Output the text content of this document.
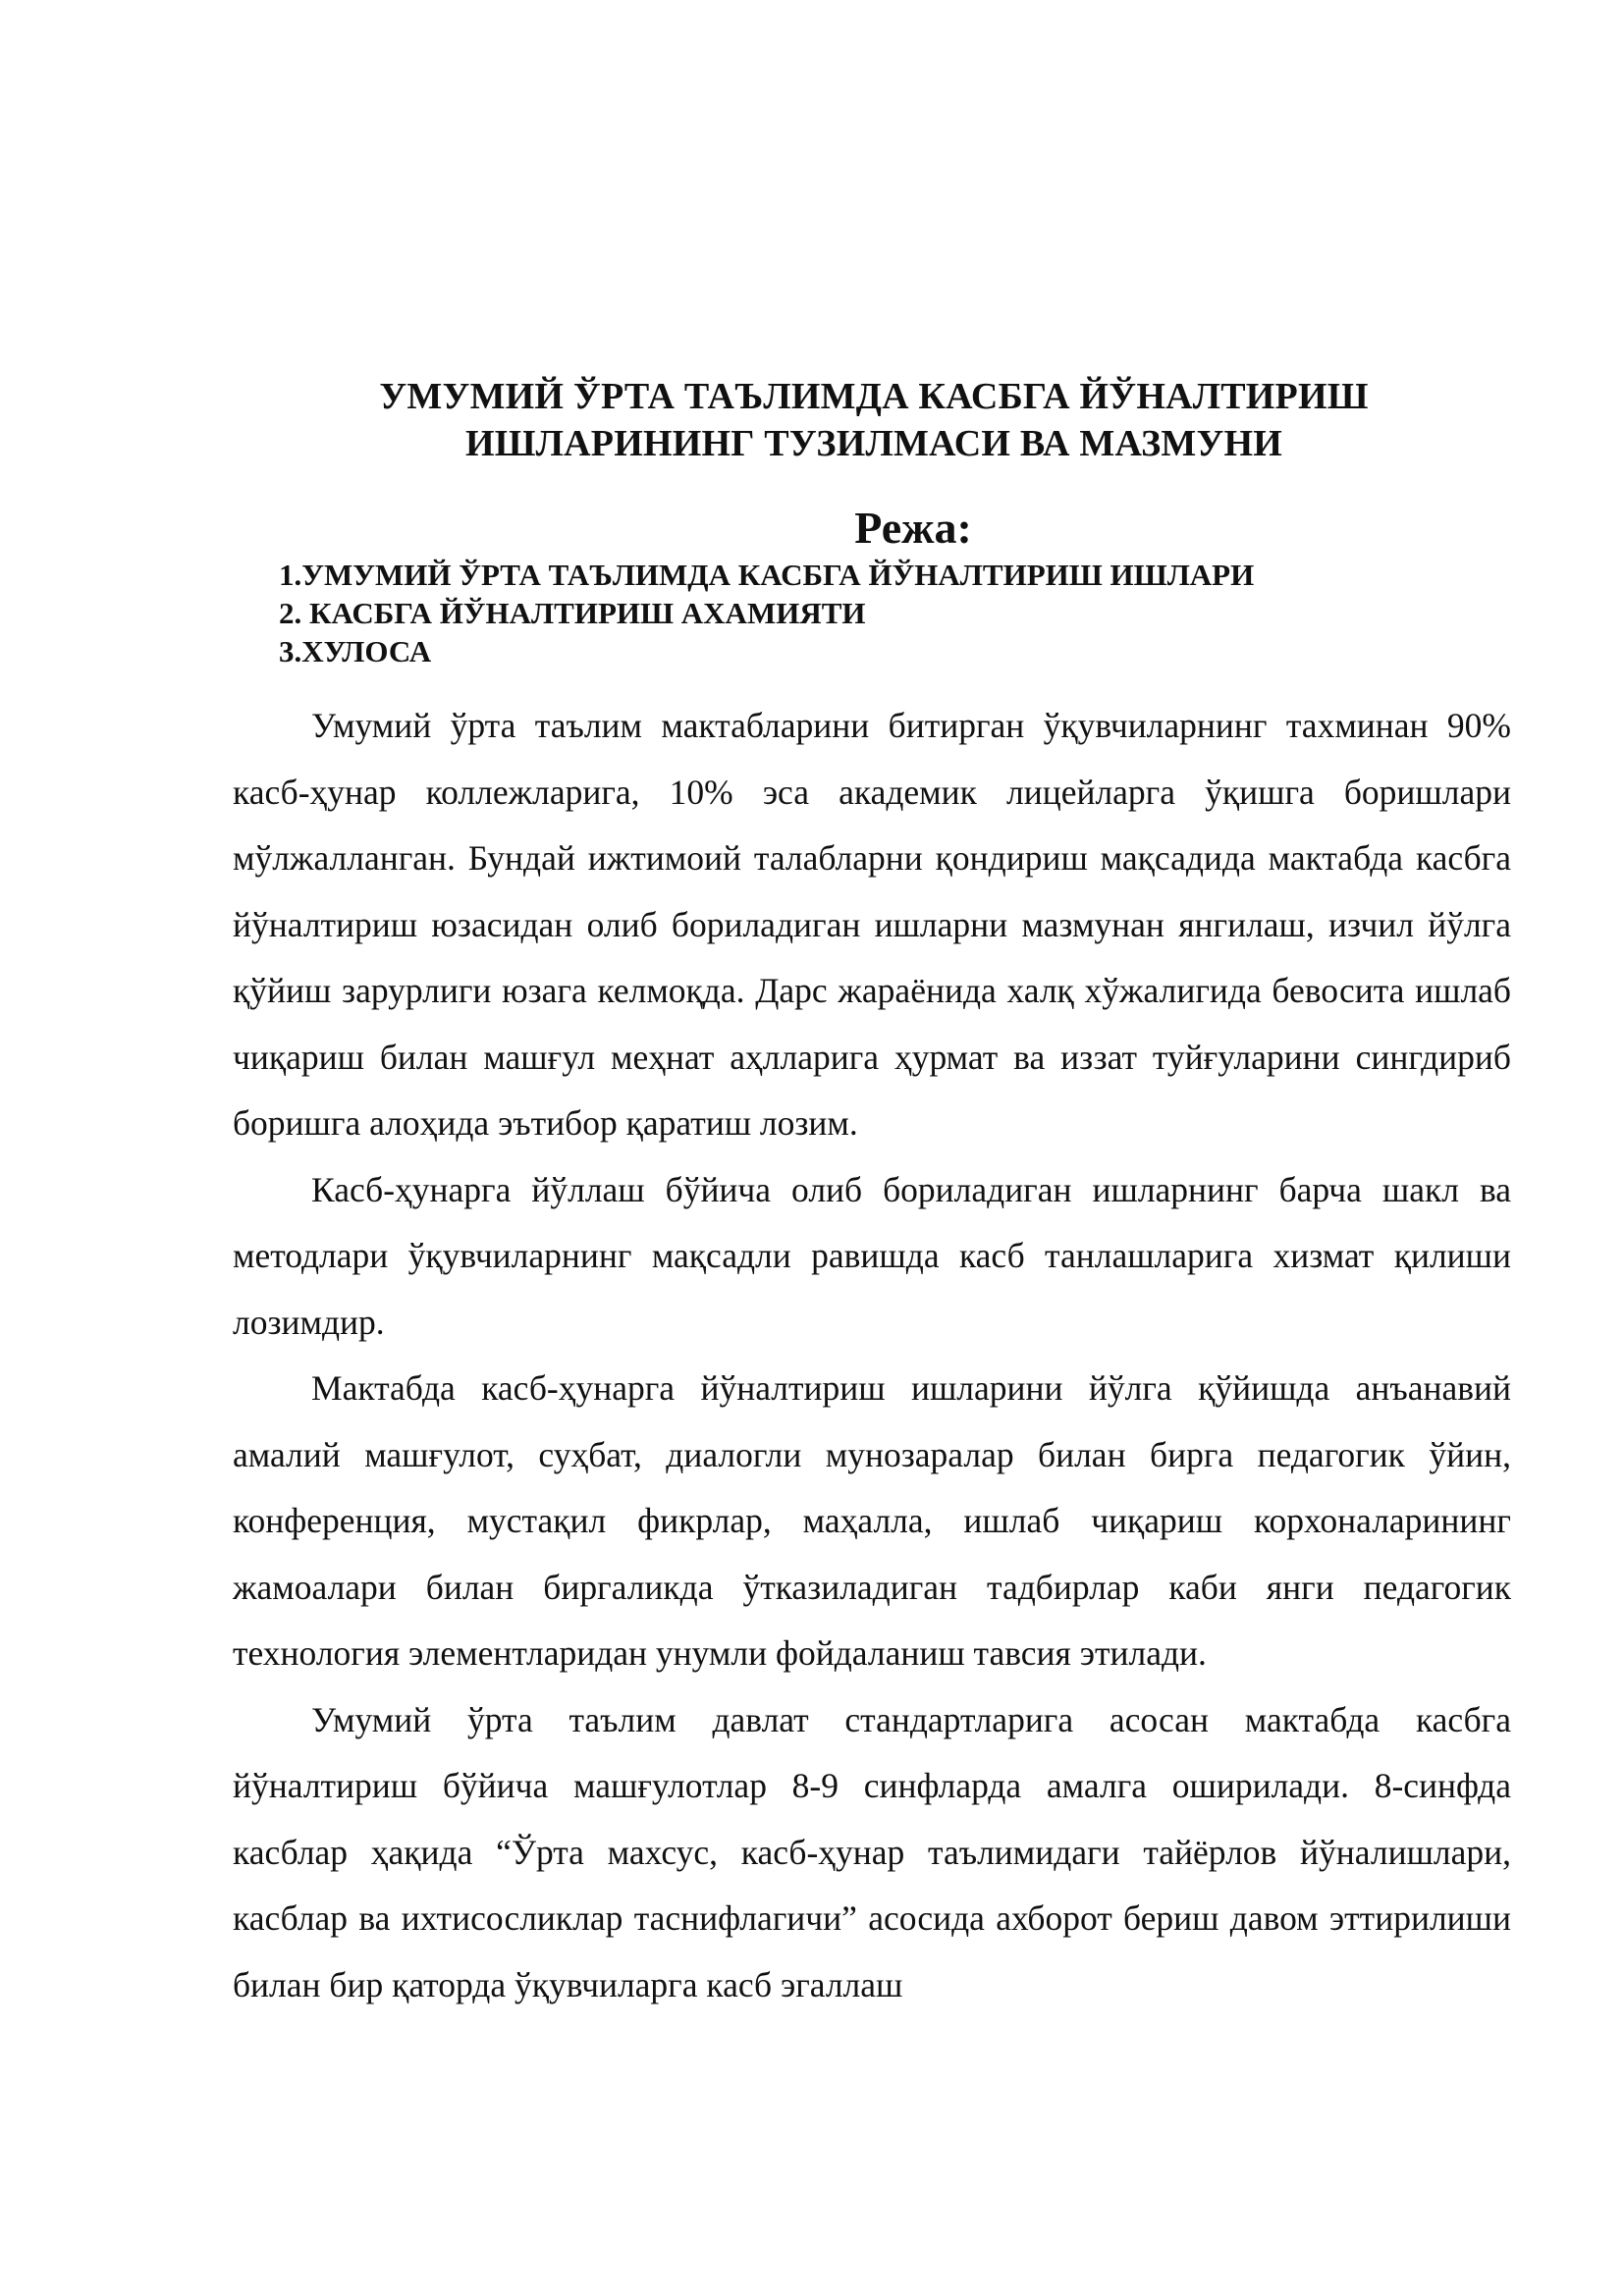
УМУМИЙ ЎРТА ТАЪЛИМДА КАСБГА ЙЎНАЛТИРИШ
ИШЛАРИНИНГ ТУЗИЛМАСИ ВА МАЗМУНИ
Режа:
1.УМУМИЙ ЎРТА ТАЪЛИМДА КАСБГА ЙЎНАЛТИРИШ ИШЛАРИ
2. КАСБГА ЙЎНАЛТИРИШ АХАМИЯТИ
3.ХУЛОСА

Умумий ўрта таълим мактабларини битирган ўқувчиларнинг тахминан 90% касб-ҳунар коллежларига, 10% эса академик лицейларга ўқишга боришлари мўлжалланган. Бундай ижтимоий талабларни қондириш мақсадида мактабда касбга йўналтириш юзасидан олиб бориладиган ишларни мазмунан янгилаш, изчил йўлга қўйиш зарурлиги юзага келмоқда. Дарс жараёнида халқ хўжалигида бевосита ишлаб чиқариш билан машғул меҳнат аҳлларига ҳурмат ва иззат туйғуларини сингдириб боришга алоҳида эътибор қаратиш лозим.

Касб-ҳунарга йўллаш бўйича олиб бориладиган ишларнинг барча шакл ва методлари ўқувчиларнинг мақсадли равишда касб танлашларига хизмат қилиши лозимдир.

Мактабда касб-ҳунарга йўналтириш ишларини йўлга қўйишда анъанавий амалий машғулот, суҳбат, диалогли мунозаралар билан бирга педагогик ўйин, конференция, мустақил фикрлар, маҳалла, ишлаб чиқариш корхоналарининг жамоалари билан биргаликда ўтказиладиган тадбирлар каби янги педагогик технология элементларидан унумли фойдаланиш тавсия этилади.

Умумий ўрта таълим давлат стандартларига асосан мактабда касбга йўналтириш бўйича машғулотлар 8-9 синфларда амалга оширилади. 8-синфда касблар ҳақида “Ўрта махсус, касб-ҳунар таълимидаги тайёрлов йўналишлари, касблар ва ихтисосликлар таснифлагичи” асосида ахборот бериш давом эттирилиши билан бир қаторда ўқувчиларга касб эгаллаш
